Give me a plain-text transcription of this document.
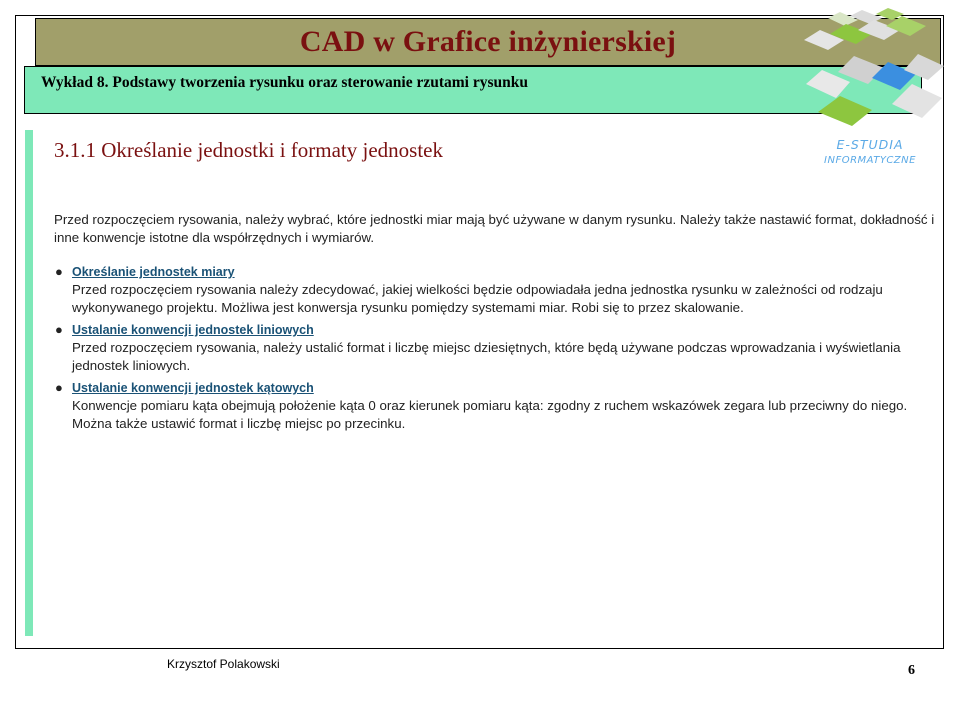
CAD w Grafice inżynierskiej
Wykład 8. Podstawy tworzenia rysunku oraz sterowanie rzutami rysunku
E-STUDIA
INFORMATYCZNE
3.1.1 Określanie jednostki i formaty jednostek

Przed rozpoczęciem rysowania, należy wybrać, które jednostki miar mają być używane w danym rysunku. Należy także nastawić format, dokładność i inne konwencje istotne dla współrzędnych i wymiarów.

● Określanie jednostek miary
Przed rozpoczęciem rysowania należy zdecydować, jakiej wielkości będzie odpowiadała jedna jednostka rysunku w zależności od rodzaju wykonywanego projektu. Możliwa jest konwersja rysunku pomiędzy systemami miar. Robi się to przez skalowanie.
● Ustalanie konwencji jednostek liniowych
Przed rozpoczęciem rysowania, należy ustalić format i liczbę miejsc dziesiętnych, które będą używane podczas wprowadzania i wyświetlania jednostek liniowych.
● Ustalanie konwencji jednostek kątowych
Konwencje pomiaru kąta obejmują położenie kąta 0 oraz kierunek pomiaru kąta: zgodny z ruchem wskazówek zegara lub przeciwny do niego. Można także ustawić format i liczbę miejsc po przecinku.
Krzysztof Polakowski	6
